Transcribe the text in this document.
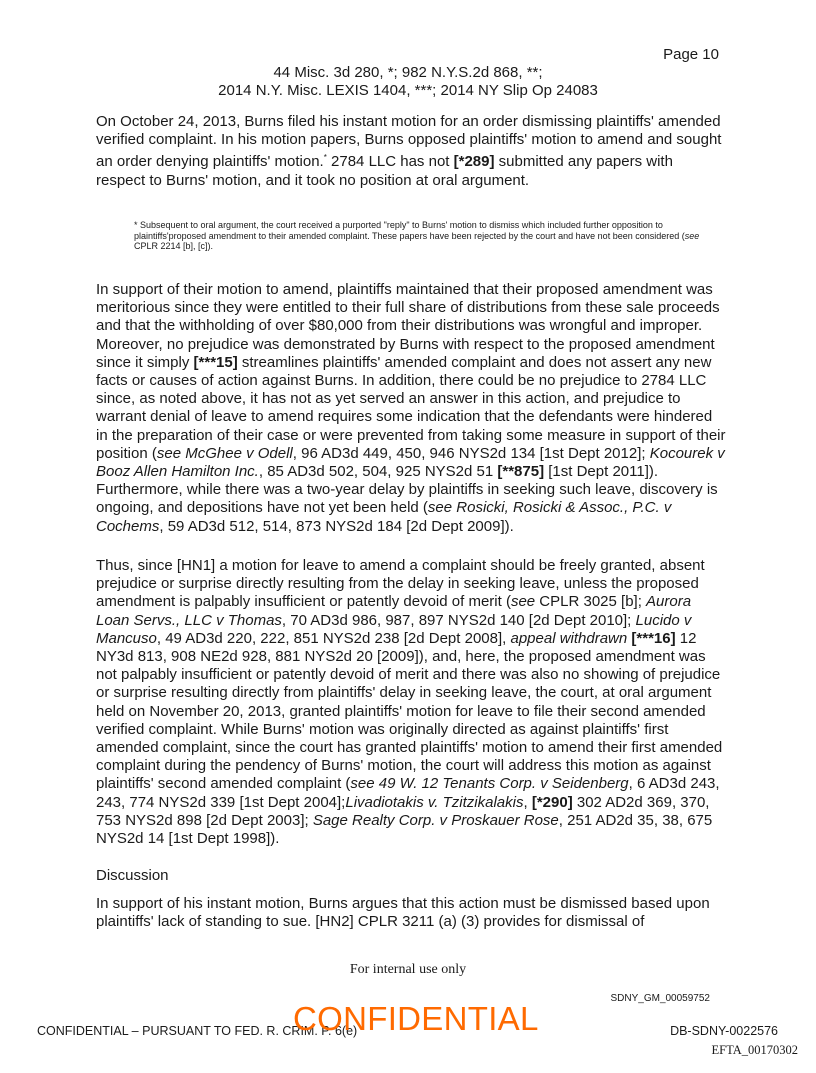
Page 10
44 Misc. 3d 280, *; 982 N.Y.S.2d 868, **;
2014 N.Y. Misc. LEXIS 1404, ***; 2014 NY Slip Op 24083
On October 24, 2013, Burns filed his instant motion for an order dismissing plaintiffs' amended verified complaint. In his motion papers, Burns opposed plaintiffs' motion to amend and sought an order denying plaintiffs' motion.* 2784 LLC has not [*289] submitted any papers with respect to Burns' motion, and it took no position at oral argument.
* Subsequent to oral argument, the court received a purported "reply" to Burns' motion to dismiss which included further opposition to plaintiffs'proposed amendment to their amended complaint. These papers have been rejected by the court and have not been considered (see CPLR 2214 [b], [c]).
In support of their motion to amend, plaintiffs maintained that their proposed amendment was meritorious since they were entitled to their full share of distributions from these sale proceeds and that the withholding of over $80,000 from their distributions was wrongful and improper. Moreover, no prejudice was demonstrated by Burns with respect to the proposed amendment since it simply [***15] streamlines plaintiffs' amended complaint and does not assert any new facts or causes of action against Burns. In addition, there could be no prejudice to 2784 LLC since, as noted above, it has not as yet served an answer in this action, and prejudice to warrant denial of leave to amend requires some indication that the defendants were hindered in the preparation of their case or were prevented from taking some measure in support of their position (see McGhee v Odell, 96 AD3d 449, 450, 946 NYS2d 134 [1st Dept 2012]; Kocourek v Booz Allen Hamilton Inc., 85 AD3d 502, 504, 925 NYS2d 51 [**875] [1st Dept 2011]). Furthermore, while there was a two-year delay by plaintiffs in seeking such leave, discovery is ongoing, and depositions have not yet been held (see Rosicki, Rosicki & Assoc., P.C. v Cochems, 59 AD3d 512, 514, 873 NYS2d 184 [2d Dept 2009]).
Thus, since [HN1] a motion for leave to amend a complaint should be freely granted, absent prejudice or surprise directly resulting from the delay in seeking leave, unless the proposed amendment is palpably insufficient or patently devoid of merit (see CPLR 3025 [b]; Aurora Loan Servs., LLC v Thomas, 70 AD3d 986, 987, 897 NYS2d 140 [2d Dept 2010]; Lucido v Mancuso, 49 AD3d 220, 222, 851 NYS2d 238 [2d Dept 2008], appeal withdrawn [***16] 12 NY3d 813, 908 NE2d 928, 881 NYS2d 20 [2009]), and, here, the proposed amendment was not palpably insufficient or patently devoid of merit and there was also no showing of prejudice or surprise resulting directly from plaintiffs' delay in seeking leave, the court, at oral argument held on November 20, 2013, granted plaintiffs' motion for leave to file their second amended verified complaint. While Burns' motion was originally directed as against plaintiffs' first amended complaint, since the court has granted plaintiffs' motion to amend their first amended complaint during the pendency of Burns' motion, the court will address this motion as against plaintiffs' second amended complaint (see 49 W. 12 Tenants Corp. v Seidenberg, 6 AD3d 243, 243, 774 NYS2d 339 [1st Dept 2004];Livadiotakis v. Tzitzikalakis, [*290] 302 AD2d 369, 370, 753 NYS2d 898 [2d Dept 2003]; Sage Realty Corp. v Proskauer Rose, 251 AD2d 35, 38, 675 NYS2d 14 [1st Dept 1998]).
Discussion
In support of his instant motion, Burns argues that this action must be dismissed based upon plaintiffs' lack of standing to sue. [HN2] CPLR 3211 (a) (3) provides for dismissal of
For internal use only
SDNY_GM_00059752
CONFIDENTIAL – PURSUANT TO FED. R. CRIM. P. 6(e)
CONFIDENTIAL	DB-SDNY-0022576
EFTA_00170302
